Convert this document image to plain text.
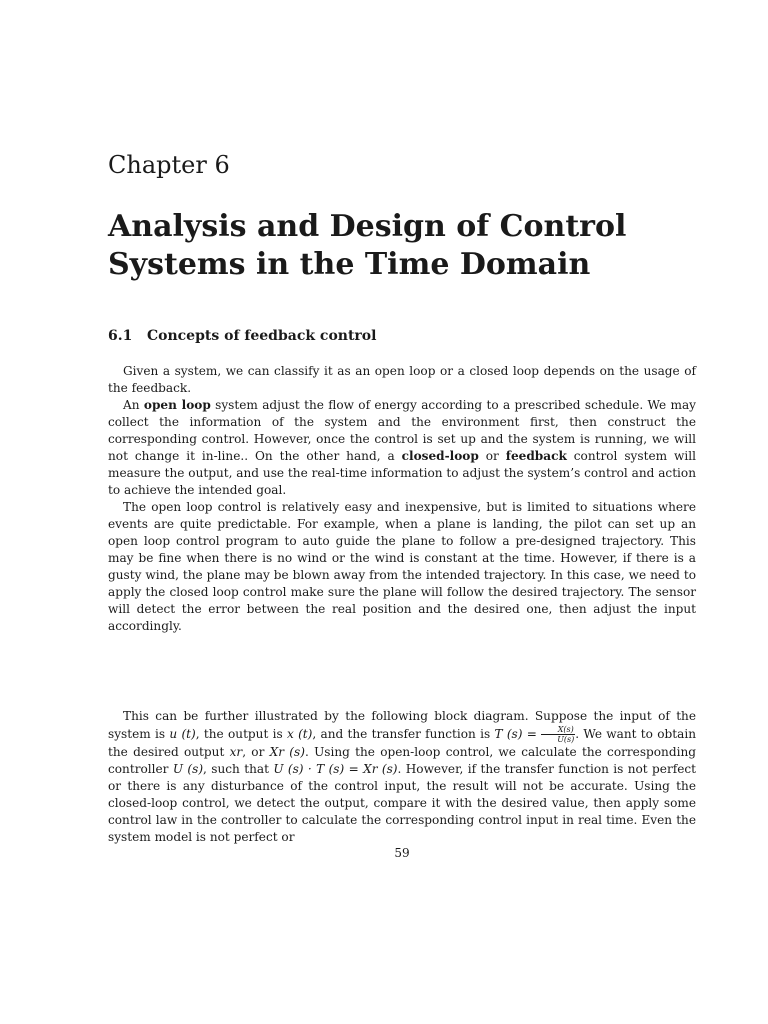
Chapter 6
Analysis and Design of Control
Systems in the Time Domain
6.1 Concepts of feedback control

Given a system, we can classify it as an open loop or a closed loop depends on the usage of the feedback.

An open loop system adjust the flow of energy according to a prescribed schedule. We may collect the information of the system and the environment first, then construct the corresponding control. However, once the control is set up and the system is running, we will not change it in-line.. On the other hand, a closed-loop or feedback control system will measure the output, and use the real-time information to adjust the system’s control and action to achieve the intended goal.

The open loop control is relatively easy and inexpensive, but is limited to situations where events are quite predictable. For example, when a plane is landing, the pilot can set up an open loop control program to auto guide the plane to follow a pre-designed trajectory. This may be fine when there is no wind or the wind is constant at the time. However, if there is a gusty wind, the plane may be blown away from the intended trajectory. In this case, we need to apply the closed loop control make sure the plane will follow the desired trajectory. The sensor will detect the error between the real position and the desired one, then adjust the input accordingly.

This can be further illustrated by the following block diagram. Suppose the input of the system is u (t), the output is x (t), and the transfer function is T $(s) = \frac{X(s)}{U(s)}$ . We want to obtain the desired output xr, or Xr (s). Using the open-loop control, we calculate the corresponding controller U (s), such that U (s) · T (s) = Xr (s). However, if the transfer function is not perfect or there is any disturbance of the control input, the result will not be accurate. Using the closed-loop control, we detect the output, compare it with the desired value, then apply some control law in the controller to calculate the corresponding control input in real time. Even the system model is not perfect or

59
